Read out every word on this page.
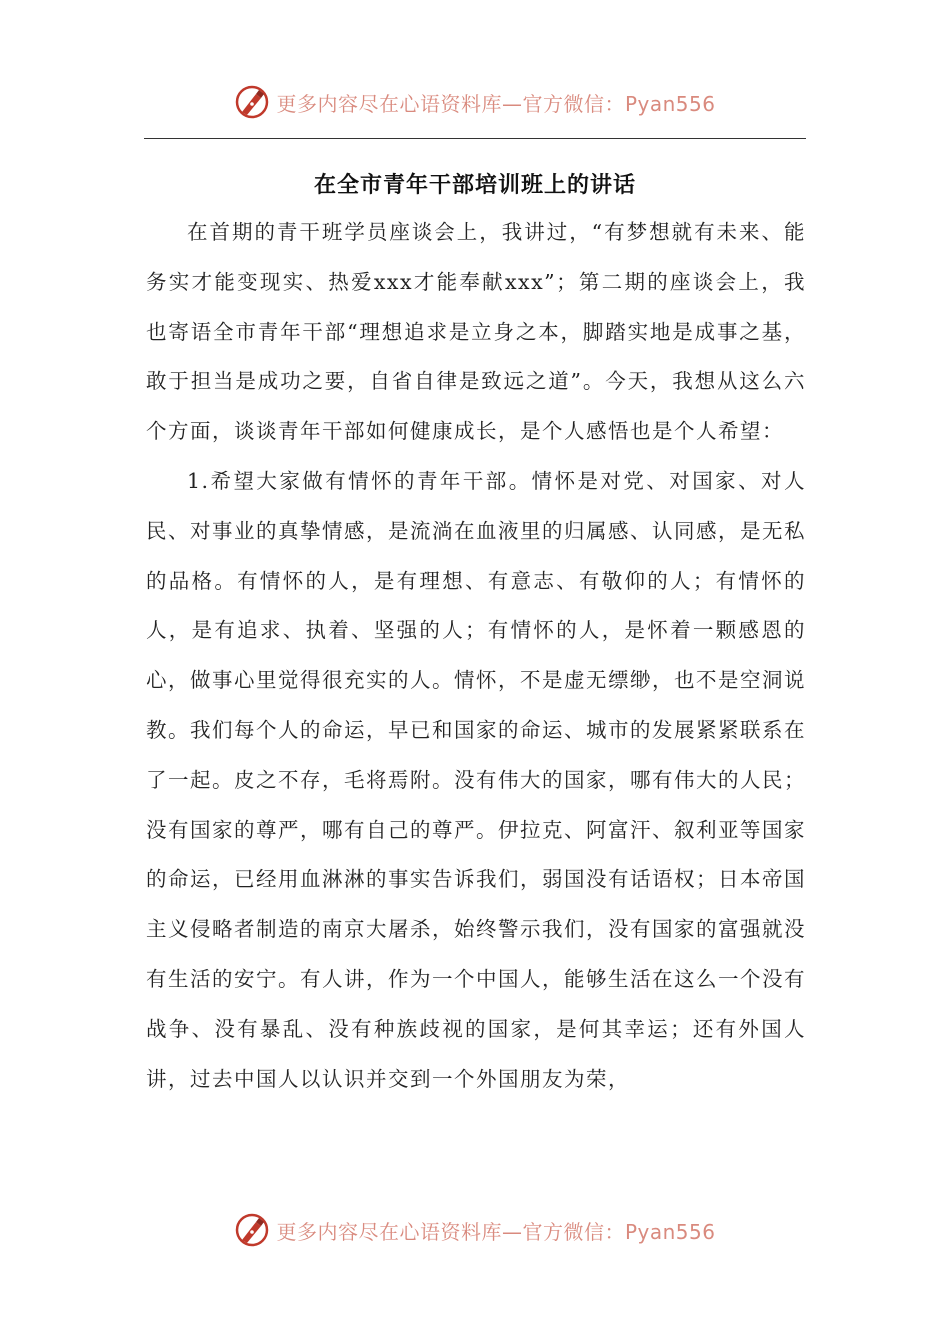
更多内容尽在心语资料库—官方微信：Pyan556
在全市青年干部培训班上的讲话

在首期的青干班学员座谈会上，我讲过，“有梦想就有未来、能务实才能变现实、热爱xxx才能奉献xxx”；第二期的座谈会上，我也寄语全市青年干部“理想追求是立身之本，脚踏实地是成事之基，敢于担当是成功之要，自省自律是致远之道”。今天，我想从这么六个方面，谈谈青年干部如何健康成长，是个人感悟也是个人希望：

1.希望大家做有情怀的青年干部。情怀是对党、对国家、对人民、对事业的真挚情感，是流淌在血液里的归属感、认同感，是无私的品格。有情怀的人，是有理想、有意志、有敬仰的人；有情怀的人，是有追求、执着、坚强的人；有情怀的人，是怀着一颗感恩的心，做事心里觉得很充实的人。情怀，不是虚无缥缈，也不是空洞说教。我们每个人的命运，早已和国家的命运、城市的发展紧紧联系在了一起。皮之不存，毛将焉附。没有伟大的国家，哪有伟大的人民；没有国家的尊严，哪有自己的尊严。伊拉克、阿富汗、叙利亚等国家的命运，已经用血淋淋的事实告诉我们，弱国没有话语权；日本帝国主义侵略者制造的南京大屠杀，始终警示我们，没有国家的富强就没有生活的安宁。有人讲，作为一个中国人，能够生活在这么一个没有战争、没有暴乱、没有种族歧视的国家，是何其幸运；还有外国人讲，过去中国人以认识并交到一个外国朋友为荣，

更多内容尽在心语资料库—官方微信：Pyan556
